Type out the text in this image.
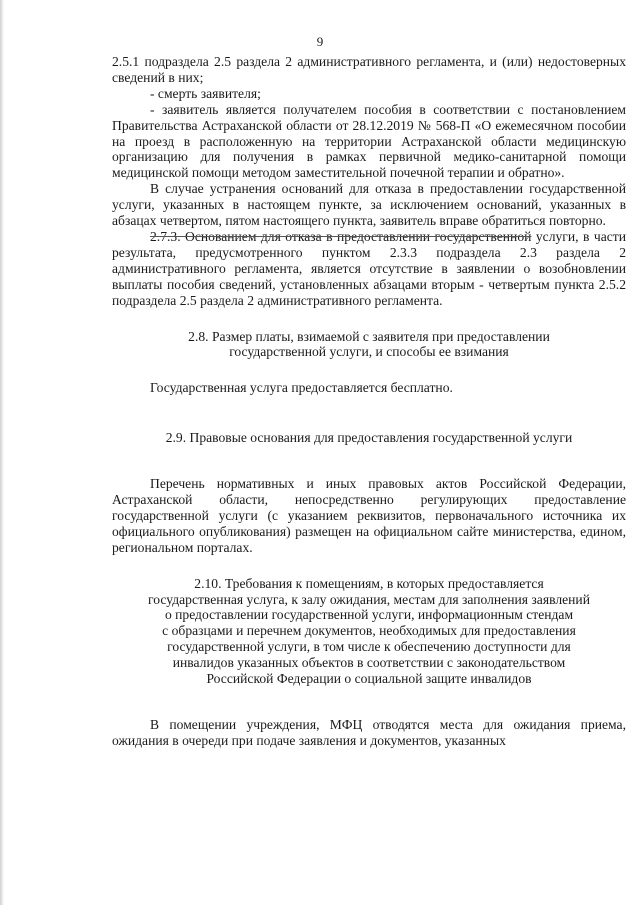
9

2.5.1 подраздела 2.5 раздела 2 административного регламента, и (или) недостоверных сведений в них;

- смерть заявителя;

- заявитель является получателем пособия в соответствии с постановлением Правительства Астраханской области от 28.12.2019 № 568-П «О ежемесячном пособии на проезд в расположенную на территории Астраханской области медицинскую организацию для получения в рамках первичной медико-санитарной помощи медицинской помощи методом заместительной почечной терапии и обратно».

В случае устранения оснований для отказа в предоставлении государственной услуги, указанных в настоящем пункте, за исключением оснований, указанных в абзацах четвертом, пятом настоящего пункта, заявитель вправе обратиться повторно.

2.7.3. Основанием для отказа в предоставлении государственной услуги, в части результата, предусмотренного пунктом 2.3.3 подраздела 2.3 раздела 2 административного регламента, является отсутствие в заявлении о возобновлении выплаты пособия сведений, установленных абзацами вторым - четвертым пункта 2.5.2 подраздела 2.5 раздела 2 административного регламента.

2.8. Размер платы, взимаемой с заявителя при предоставлении
государственной услуги, и способы ее взимания

Государственная услуга предоставляется бесплатно.

2.9. Правовые основания для предоставления государственной услуги

Перечень нормативных и иных правовых актов Российской Федерации, Астраханской области, непосредственно регулирующих предоставление государственной услуги (с указанием реквизитов, первоначального источника их официального опубликования) размещен на официальном сайте министерства, едином, региональном порталах.

2.10. Требования к помещениям, в которых предоставляется
государственная услуга, к залу ожидания, местам для заполнения заявлений
о предоставлении государственной услуги, информационным стендам
с образцами и перечнем документов, необходимых для предоставления
государственной услуги, в том числе к обеспечению доступности для
инвалидов указанных объектов в соответствии с законодательством
Российской Федерации о социальной защите инвалидов

В помещении учреждения, МФЦ отводятся места для ожидания приема, ожидания в очереди при подаче заявления и документов, указанных
